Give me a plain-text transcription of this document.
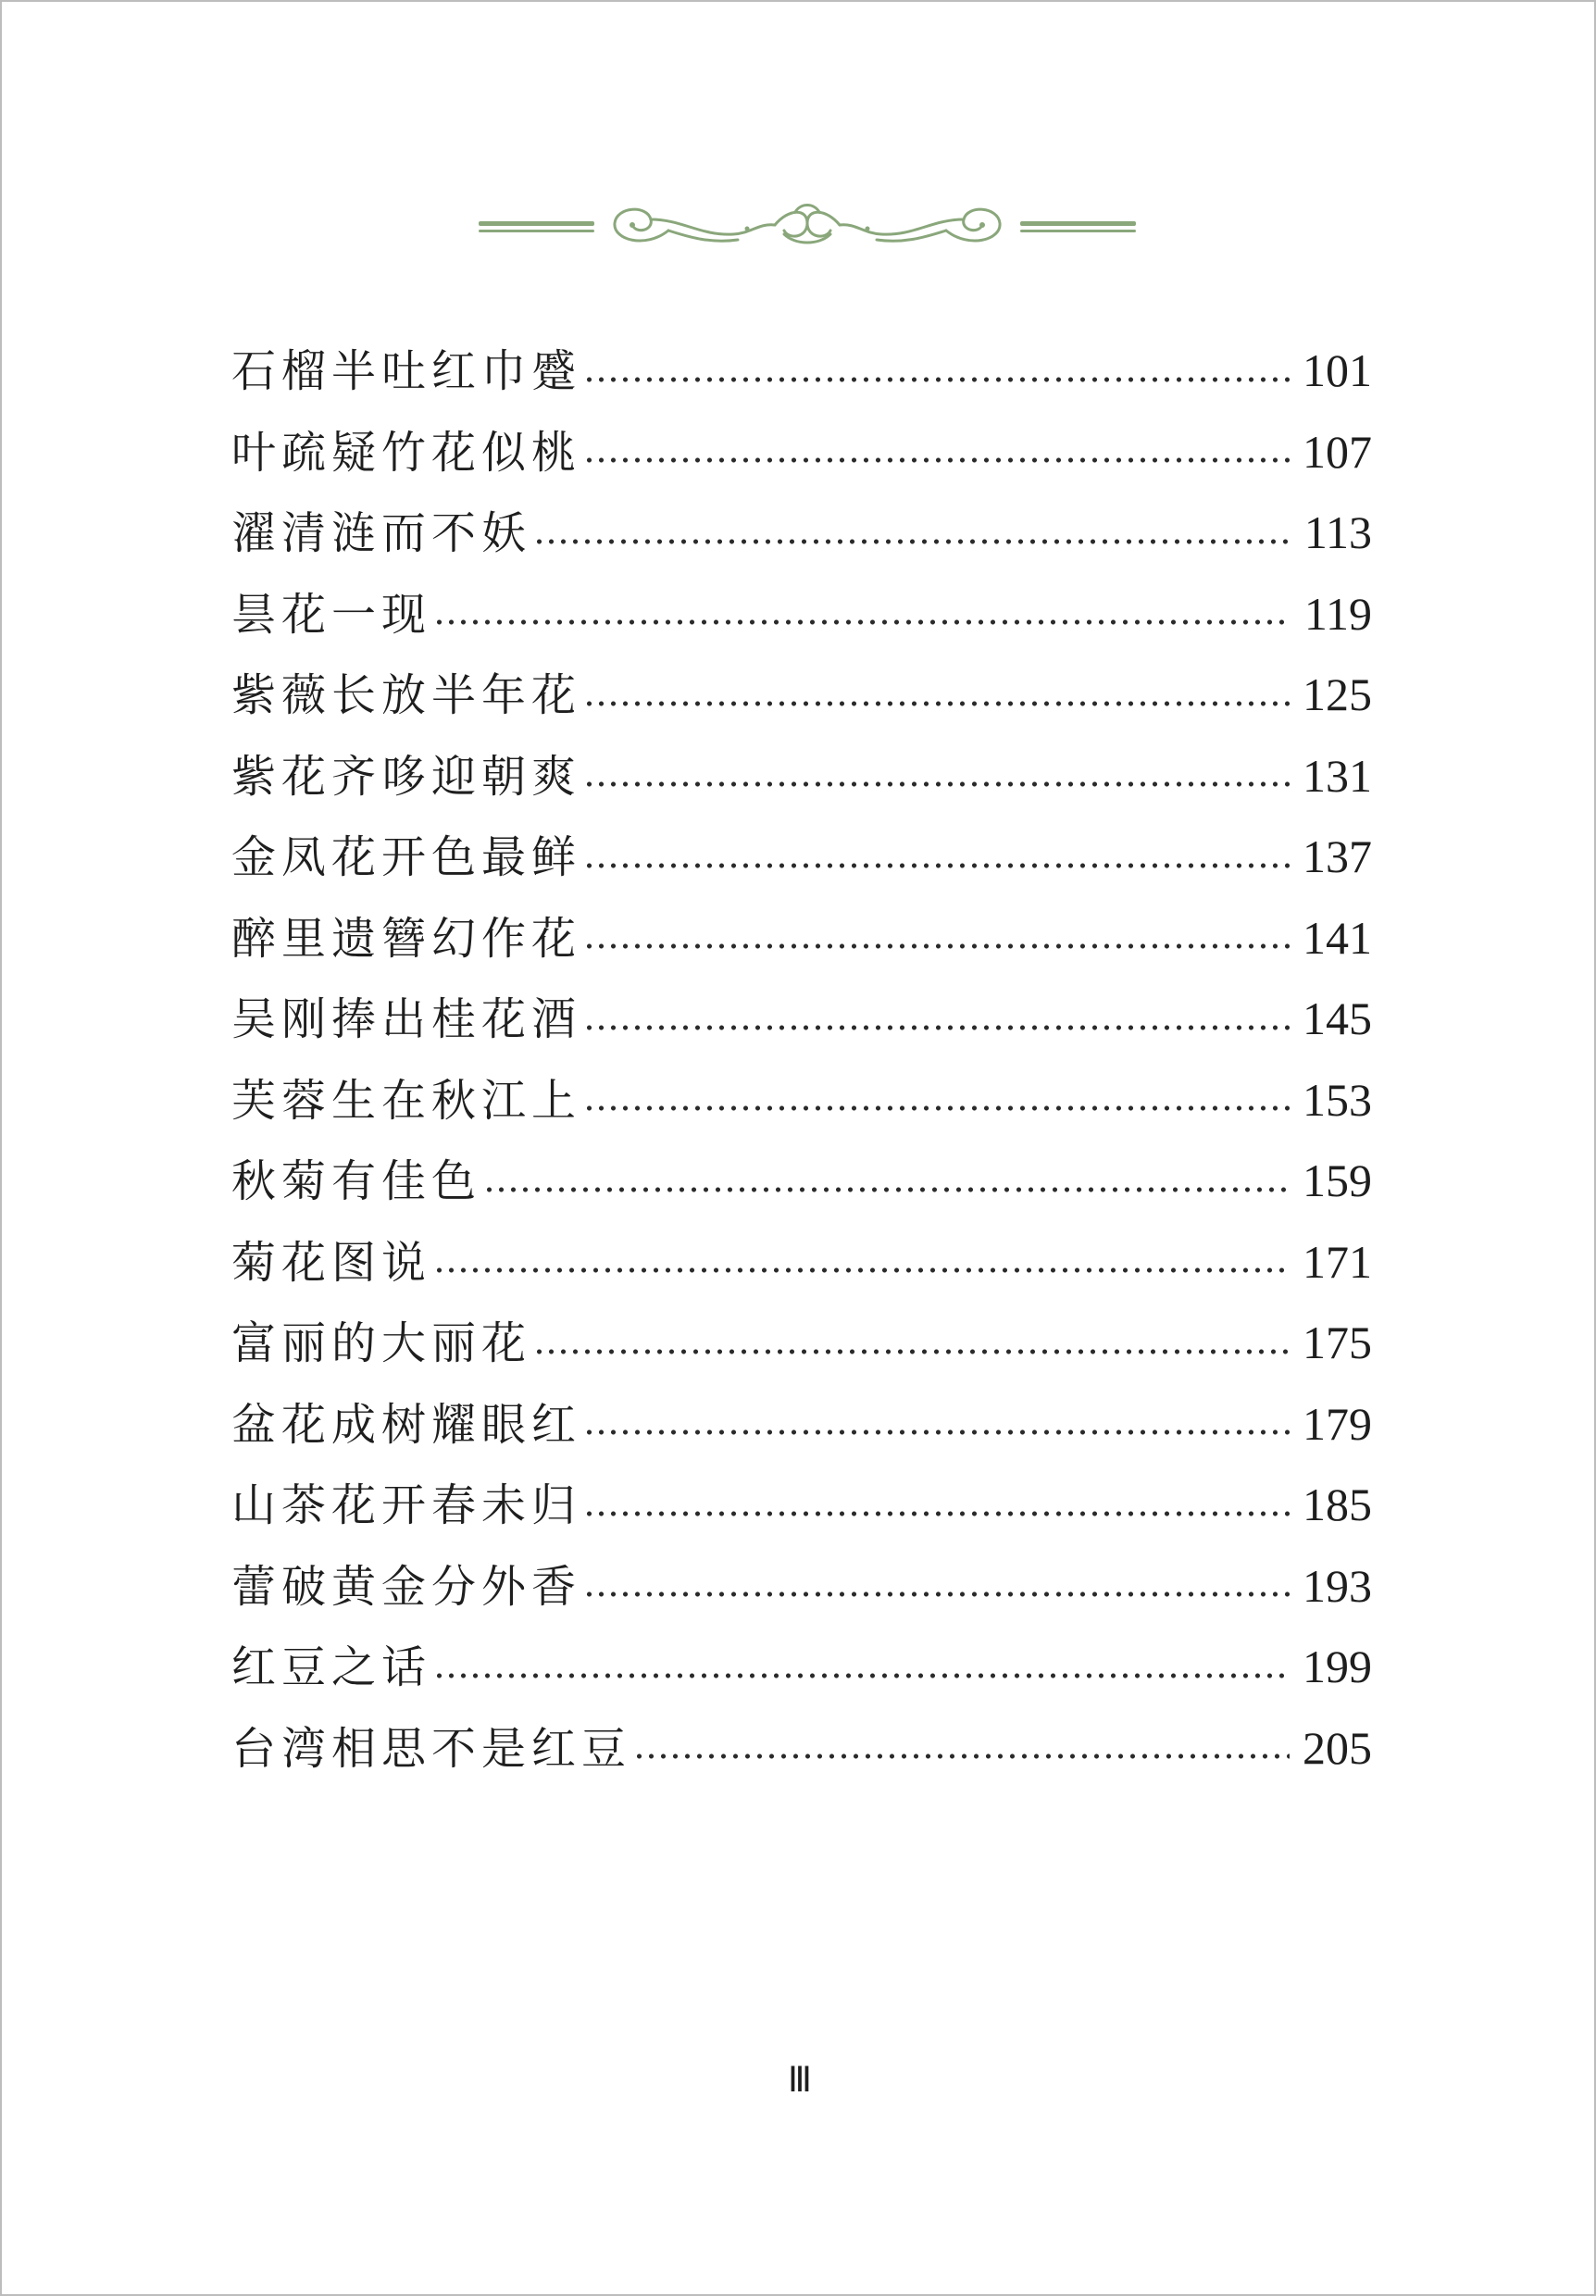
石榴半吐红巾蹙	101
叶疏疑竹花似桃	107
濯清涟而不妖	113
昙花一现	119
紫薇长放半年花	125
紫花齐哆迎朝爽	131
金凤花开色最鲜	137
醉里遗簪幻作花	141
吴刚捧出桂花酒	145
芙蓉生在秋江上	153
秋菊有佳色	159
菊花图说	171
富丽的大丽花	175
盆花成树耀眼红	179
山茶花开春未归	185
蕾破黄金分外香	193
红豆之话	199
台湾相思不是红豆	205
Ⅲ
